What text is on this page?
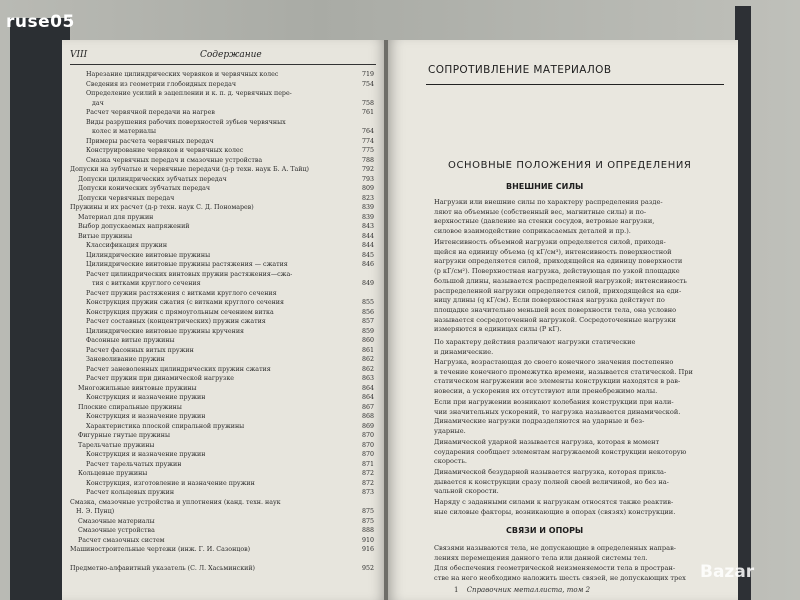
VIII	Содержание
Нарезание цилиндрических червяков и червячных колес	719
Сведения из геометрии глобоидных передач	754
Определение усилий в зацеплении и к. п. д. червячных пере-
дач	758
Расчет червячной передачи на нагрев	761
Виды разрушения рабочих поверхностей зубьев червячных
колес и материалы	764
Примеры расчета червячных передач	774
Конструирование червяков и червячных колес	775
Смазка червячных передач и смазочные устройства	788
Допуски на зубчатые и червячные передачи (д-р техн. наук Б. А. Тайц)	792
Допуски цилиндрических зубчатых передач	793
Допуски конических зубчатых передач	809
Допуски червячных передач	823
Пружины и их расчет (д-р техн. наук С. Д. Пономарев)	839
Материал для пружин	839
Выбор допускаемых напряжений	843
Витые пружины	844
Классификация пружин	844
Цилиндрические винтовые пружины	845
Цилиндрические винтовые пружины растяжения — сжатия	846
Расчет цилиндрических винтовых пружин растяжения—сжа-
тия с витками круглого сечения	849
Расчет пружин растяжения с витками круглого сечения
Конструкция пружин сжатия (с витками круглого сечения	855
Конструкция пружин с прямоугольным сечением витка	856
Расчет составных (концентрических) пружин сжатия	857
Цилиндрические винтовые пружины кручения	859
Фасонные витые пружины	860
Расчет фасонных витых пружин	861
Заневоливание пружин	862
Расчет заневоленных цилиндрических пружин сжатия	862
Расчет пружин при динамической нагрузке	863
Многожильные винтовые пружины	864
Конструкция и назначение пружин	864
Плоские спиральные пружины	867
Конструкция и назначение пружин	868
Характеристика плоской спиральной пружины	869
Фигурные гнутые пружины	870
Тарельчатые пружины	870
Конструкция и назначение пружин	870
Расчет тарельчатых пружин	871
Кольцевые пружины	872
Конструкция, изготовление и назначение пружин	872
Расчет кольцевых пружин	873
Смазка, смазочные устройства и уплотнения (канд. техн. наук
Н. Э. Пунц)	875
Смазочные материалы	875
Смазочные устройства	888
Расчет смазочных систем	910
Машиностроительные чертежи (инж. Г. И. Сазонцов)	916
Предметно-алфавитный указатель (С. Л. Хасьминский)	952
СОПРОТИВЛЕНИЕ МАТЕРИАЛОВ
ОСНОВНЫЕ ПОЛОЖЕНИЯ И ОПРЕДЕЛЕНИЯ
ВНЕШНИЕ СИЛЫ
Нагрузки или внешние силы по характеру распределения разде-
ляют на объемные (собственный вес, магнитные силы) и по-
верхностные (давление на стенки сосудов, ветровые нагрузки,
силовое взаимодействие соприкасаемых деталей и пр.).
Интенсивность объемной нагрузки определяется силой, приходя-
щейся на единицу объема (q кГ/см³), интенсивность поверхностной
нагрузки определяется силой, приходящейся на единицу поверхности
(p кГ/см²). Поверхностная нагрузка, действующая по узкой площадке
большой длины, называется распределенной нагрузкой; интенсивность
распределенной нагрузки определяется силой, приходящейся на еди-
ницу длины (q кГ/см). Если поверхностная нагрузка действует по
площадке значительно меньшей всех поверхности тела, она условно
называется сосредоточенной нагрузкой. Сосредоточенные нагрузки
измеряются в единицах силы (P кГ).
По характеру действия различают нагрузки статические
и динамические.
Нагрузка, возрастающая до своего конечного значения постепенно
в течение конечного промежутка времени, называется статической. При
статическом нагружении все элементы конструкции находятся в рав-
новесии, а ускорения их отсутствуют или пренебрежимо малы.
Если при нагружении возникают колебания конструкции при нали-
чии значительных ускорений, то нагрузка называется динамической.
Динамические нагрузки подразделяются на ударные и без-
ударные.
Динамической ударной называется нагрузка, которая в момент
соударения сообщает элементам нагружаемой конструкции некоторую
скорость.
Динамической безударной называется нагрузка, которая прикла-
дывается к конструкции сразу полной своей величиной, но без на-
чальной скорости.
Наряду с заданными силами к нагрузкам относятся также реактив-
ные силовые факторы, возникающие в опорах (связях) конструкции.
СВЯЗИ И ОПОРЫ
Связями называются тела, не допускающие в определенных направ-
лениях перемещения данного тела или данной системы тел.
Для обеспечения геометрической неизменяемости тела в простран-
стве на него необходимо наложить шесть связей, не допускающих трех
1 Справочник металлиста, том 2
ruse05
Bazar
